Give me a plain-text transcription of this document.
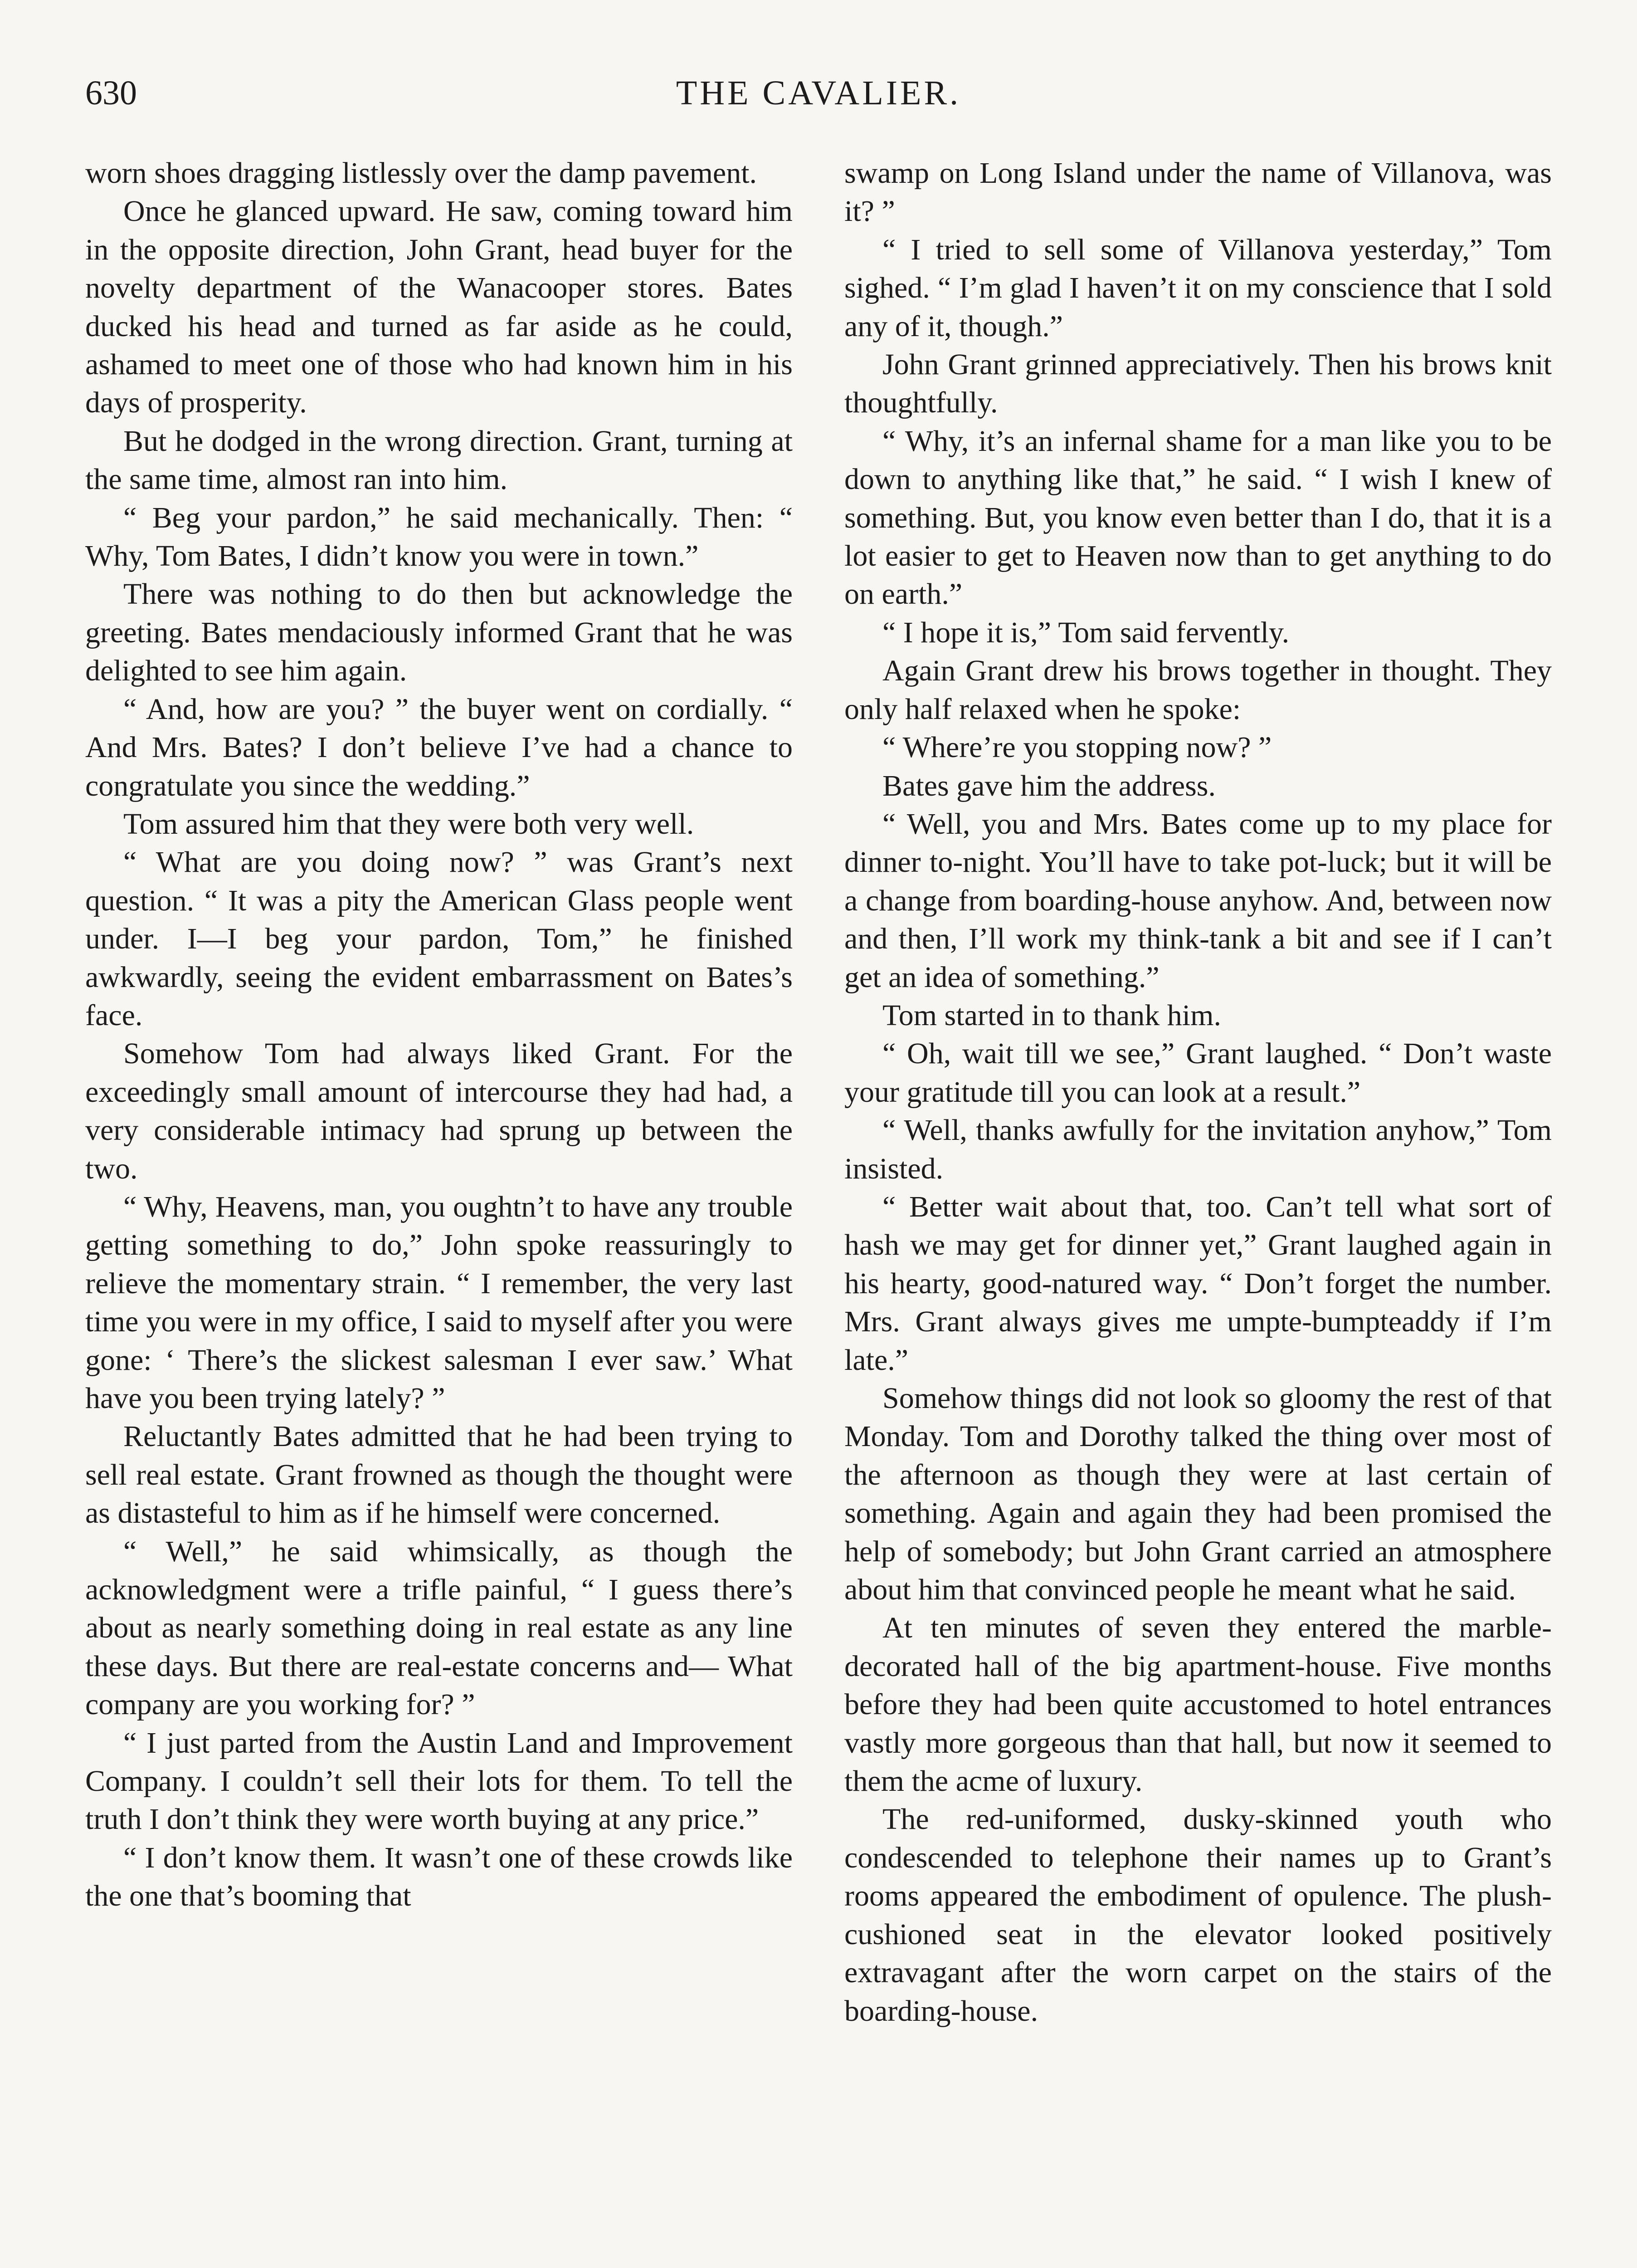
630	THE CAVALIER.

worn shoes dragging listlessly over the damp pavement.

Once he glanced upward. He saw, coming toward him in the opposite direction, John Grant, head buyer for the novelty department of the Wanacooper stores. Bates ducked his head and turned as far aside as he could, ashamed to meet one of those who had known him in his days of prosperity.

But he dodged in the wrong direction. Grant, turning at the same time, almost ran into him.

“ Beg your pardon,” he said mechanically. Then: “ Why, Tom Bates, I didn’t know you were in town.”

There was nothing to do then but acknowledge the greeting. Bates mendaciously informed Grant that he was delighted to see him again.

“ And, how are you? ” the buyer went on cordially. “ And Mrs. Bates? I don’t believe I’ve had a chance to congratulate you since the wedding.”

Tom assured him that they were both very well.

“ What are you doing now? ” was Grant’s next question. “ It was a pity the American Glass people went under. I—I beg your pardon, Tom,” he finished awkwardly, seeing the evident embarrassment on Bates’s face.

Somehow Tom had always liked Grant. For the exceedingly small amount of intercourse they had had, a very considerable intimacy had sprung up between the two.

“ Why, Heavens, man, you oughtn’t to have any trouble getting something to do,” John spoke reassuringly to relieve the momentary strain. “ I remember, the very last time you were in my office, I said to myself after you were gone: ‘ There’s the slickest salesman I ever saw.’ What have you been trying lately? ”

Reluctantly Bates admitted that he had been trying to sell real estate. Grant frowned as though the thought were as distasteful to him as if he himself were concerned.

“ Well,” he said whimsically, as though the acknowledgment were a trifle painful, “ I guess there’s about as nearly something doing in real estate as any line these days. But there are real-estate concerns and— What company are you working for? ”

“ I just parted from the Austin Land and Improvement Company. I couldn’t sell their lots for them. To tell the truth I don’t think they were worth buying at any price.”

“ I don’t know them. It wasn’t one of these crowds like the one that’s booming that

swamp on Long Island under the name of Villanova, was it? ”

“ I tried to sell some of Villanova yesterday,” Tom sighed. “ I’m glad I haven’t it on my conscience that I sold any of it, though.”

John Grant grinned appreciatively. Then his brows knit thoughtfully.

“ Why, it’s an infernal shame for a man like you to be down to anything like that,” he said. “ I wish I knew of something. But, you know even better than I do, that it is a lot easier to get to Heaven now than to get anything to do on earth.”

“ I hope it is,” Tom said fervently.

Again Grant drew his brows together in thought. They only half relaxed when he spoke:

“ Where’re you stopping now? ”

Bates gave him the address.

“ Well, you and Mrs. Bates come up to my place for dinner to-night. You’ll have to take pot-luck; but it will be a change from boarding-house anyhow. And, between now and then, I’ll work my think-tank a bit and see if I can’t get an idea of something.”

Tom started in to thank him.

“ Oh, wait till we see,” Grant laughed. “ Don’t waste your gratitude till you can look at a result.”

“ Well, thanks awfully for the invitation anyhow,” Tom insisted.

“ Better wait about that, too. Can’t tell what sort of hash we may get for dinner yet,” Grant laughed again in his hearty, good-natured way. “ Don’t forget the number. Mrs. Grant always gives me umpte-bumpteaddy if I’m late.”

Somehow things did not look so gloomy the rest of that Monday. Tom and Dorothy talked the thing over most of the afternoon as though they were at last certain of something. Again and again they had been promised the help of somebody; but John Grant carried an atmosphere about him that convinced people he meant what he said.

At ten minutes of seven they entered the marble-decorated hall of the big apartment-house. Five months before they had been quite accustomed to hotel entrances vastly more gorgeous than that hall, but now it seemed to them the acme of luxury.

The red-uniformed, dusky-skinned youth who condescended to telephone their names up to Grant’s rooms appeared the embodiment of opulence. The plush-cushioned seat in the elevator looked positively extravagant after the worn carpet on the stairs of the boarding-house.
